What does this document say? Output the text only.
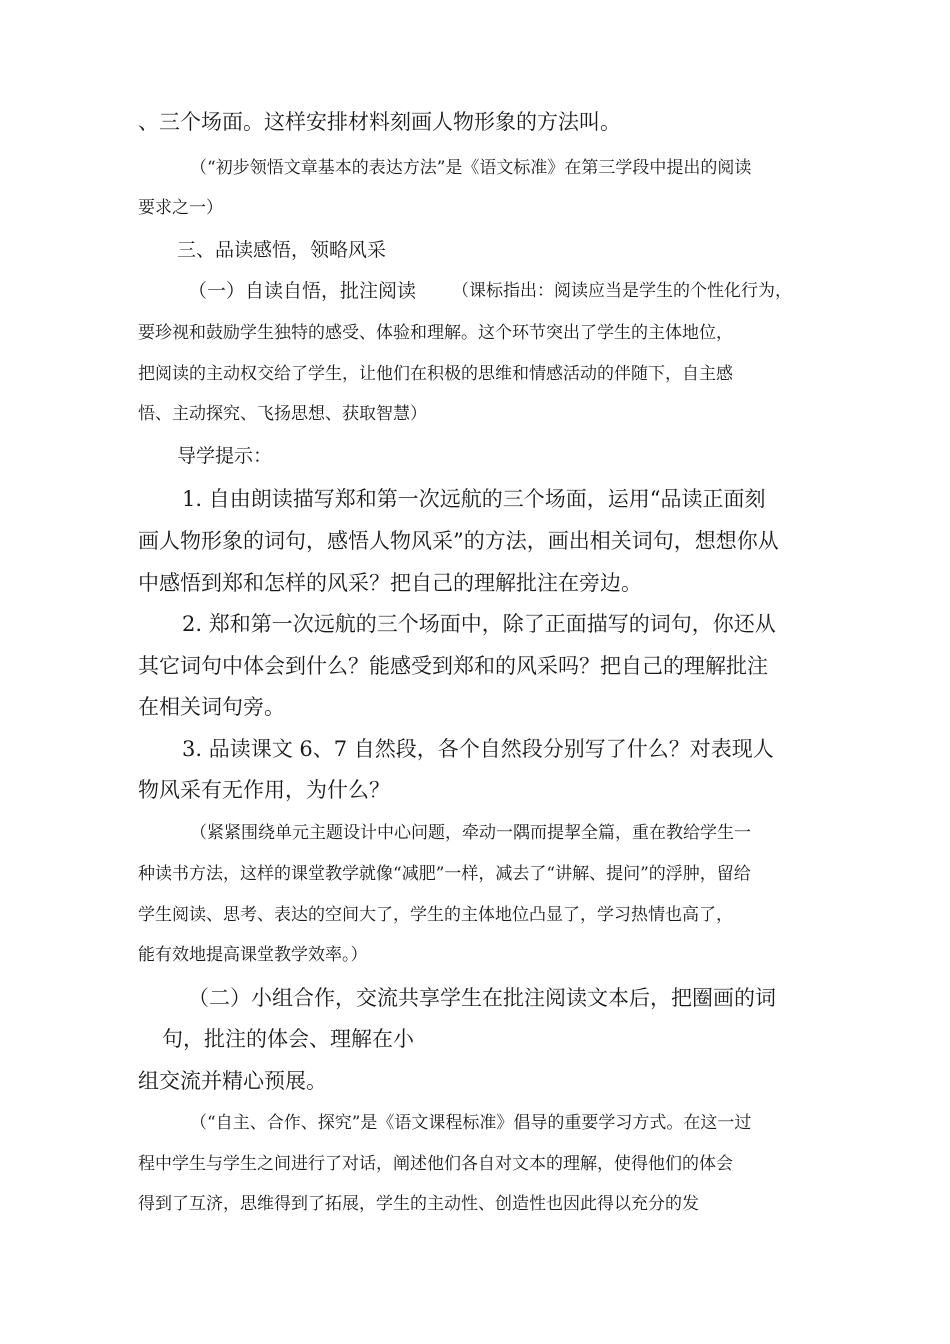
、三个场面。这样安排材料刻画人物形象的方法叫。
（“初步领悟文章基本的表达方法”是《语文标准》在第三学段中提出的阅读
要求之一）
三、品读感悟，领略风采
（一）自读自悟，批注阅读 （课标指出：阅读应当是学生的个性化行为，
要珍视和鼓励学生独特的感受、体验和理解。这个环节突出了学生的主体地位，
把阅读的主动权交给了学生，让他们在积极的思维和情感活动的伴随下，自主感
悟、主动探究、飞扬思想、获取智慧）
导学提示：
1. 自由朗读描写郑和第一次远航的三个场面，运用“品读正面刻
画人物形象的词句，感悟人物风采”的方法，画出相关词句，想想你从
中感悟到郑和怎样的风采？把自己的理解批注在旁边。
2. 郑和第一次远航的三个场面中，除了正面描写的词句，你还从
其它词句中体会到什么？能感受到郑和的风采吗？把自己的理解批注
在相关词句旁。
3. 品读课文 6、7 自然段，各个自然段分别写了什么？对表现人
物风采有无作用，为什么？
（紧紧围绕单元主题设计中心问题，牵动一隅而提挈全篇，重在教给学生一
种读书方法，这样的课堂教学就像“减肥”一样，减去了“讲解、提问”的浮肿，留给
学生阅读、思考、表达的空间大了，学生的主体地位凸显了，学习热情也高了，
能有效地提高课堂教学效率。）
（二）小组合作，交流共享学生在批注阅读文本后，把圈画的词
句，批注的体会、理解在小
组交流并精心预展。
（“自主、合作、探究”是《语文课程标准》倡导的重要学习方式。在这一过
程中学生与学生之间进行了对话，阐述他们各自对文本的理解，使得他们的体会
得到了互济，思维得到了拓展，学生的主动性、创造性也因此得以充分的发
